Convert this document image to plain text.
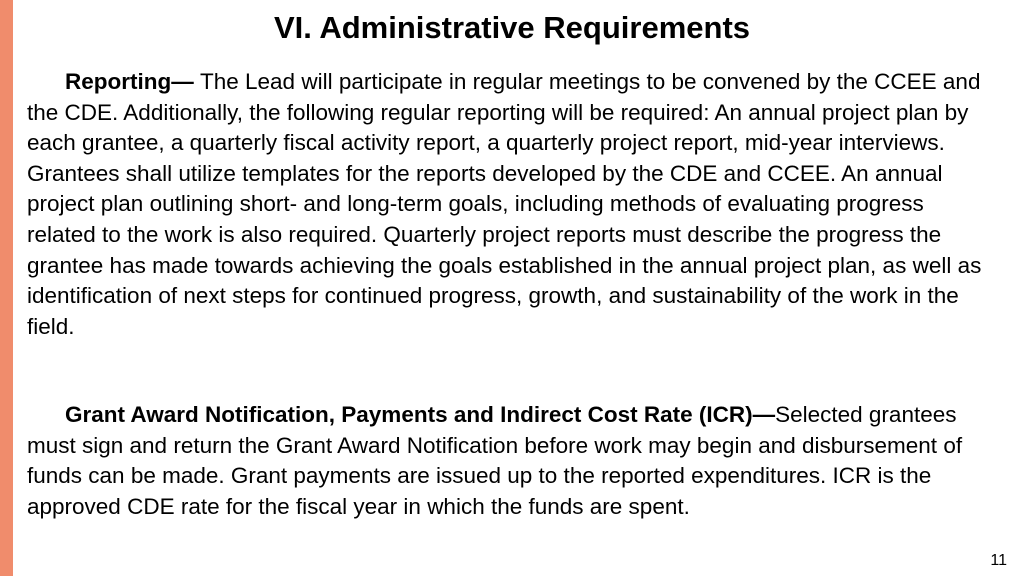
VI. Administrative Requirements

Reporting— The Lead will participate in regular meetings to be convened by the CCEE and the CDE. Additionally, the following regular reporting will be required: An annual project plan by each grantee, a quarterly fiscal activity report, a quarterly project report, mid-year interviews. Grantees shall utilize templates for the reports developed by the CDE and CCEE. An annual project plan outlining short- and long-term goals, including methods of evaluating progress related to the work is also required. Quarterly project reports must describe the progress the grantee has made towards achieving the goals established in the annual project plan, as well as identification of next steps for continued progress, growth, and sustainability of the work in the field.

Grant Award Notification, Payments and Indirect Cost Rate (ICR)—Selected grantees must sign and return the Grant Award Notification before work may begin and disbursement of funds can be made. Grant payments are issued up to the reported expenditures. ICR is the approved CDE rate for the fiscal year in which the funds are spent.

11
